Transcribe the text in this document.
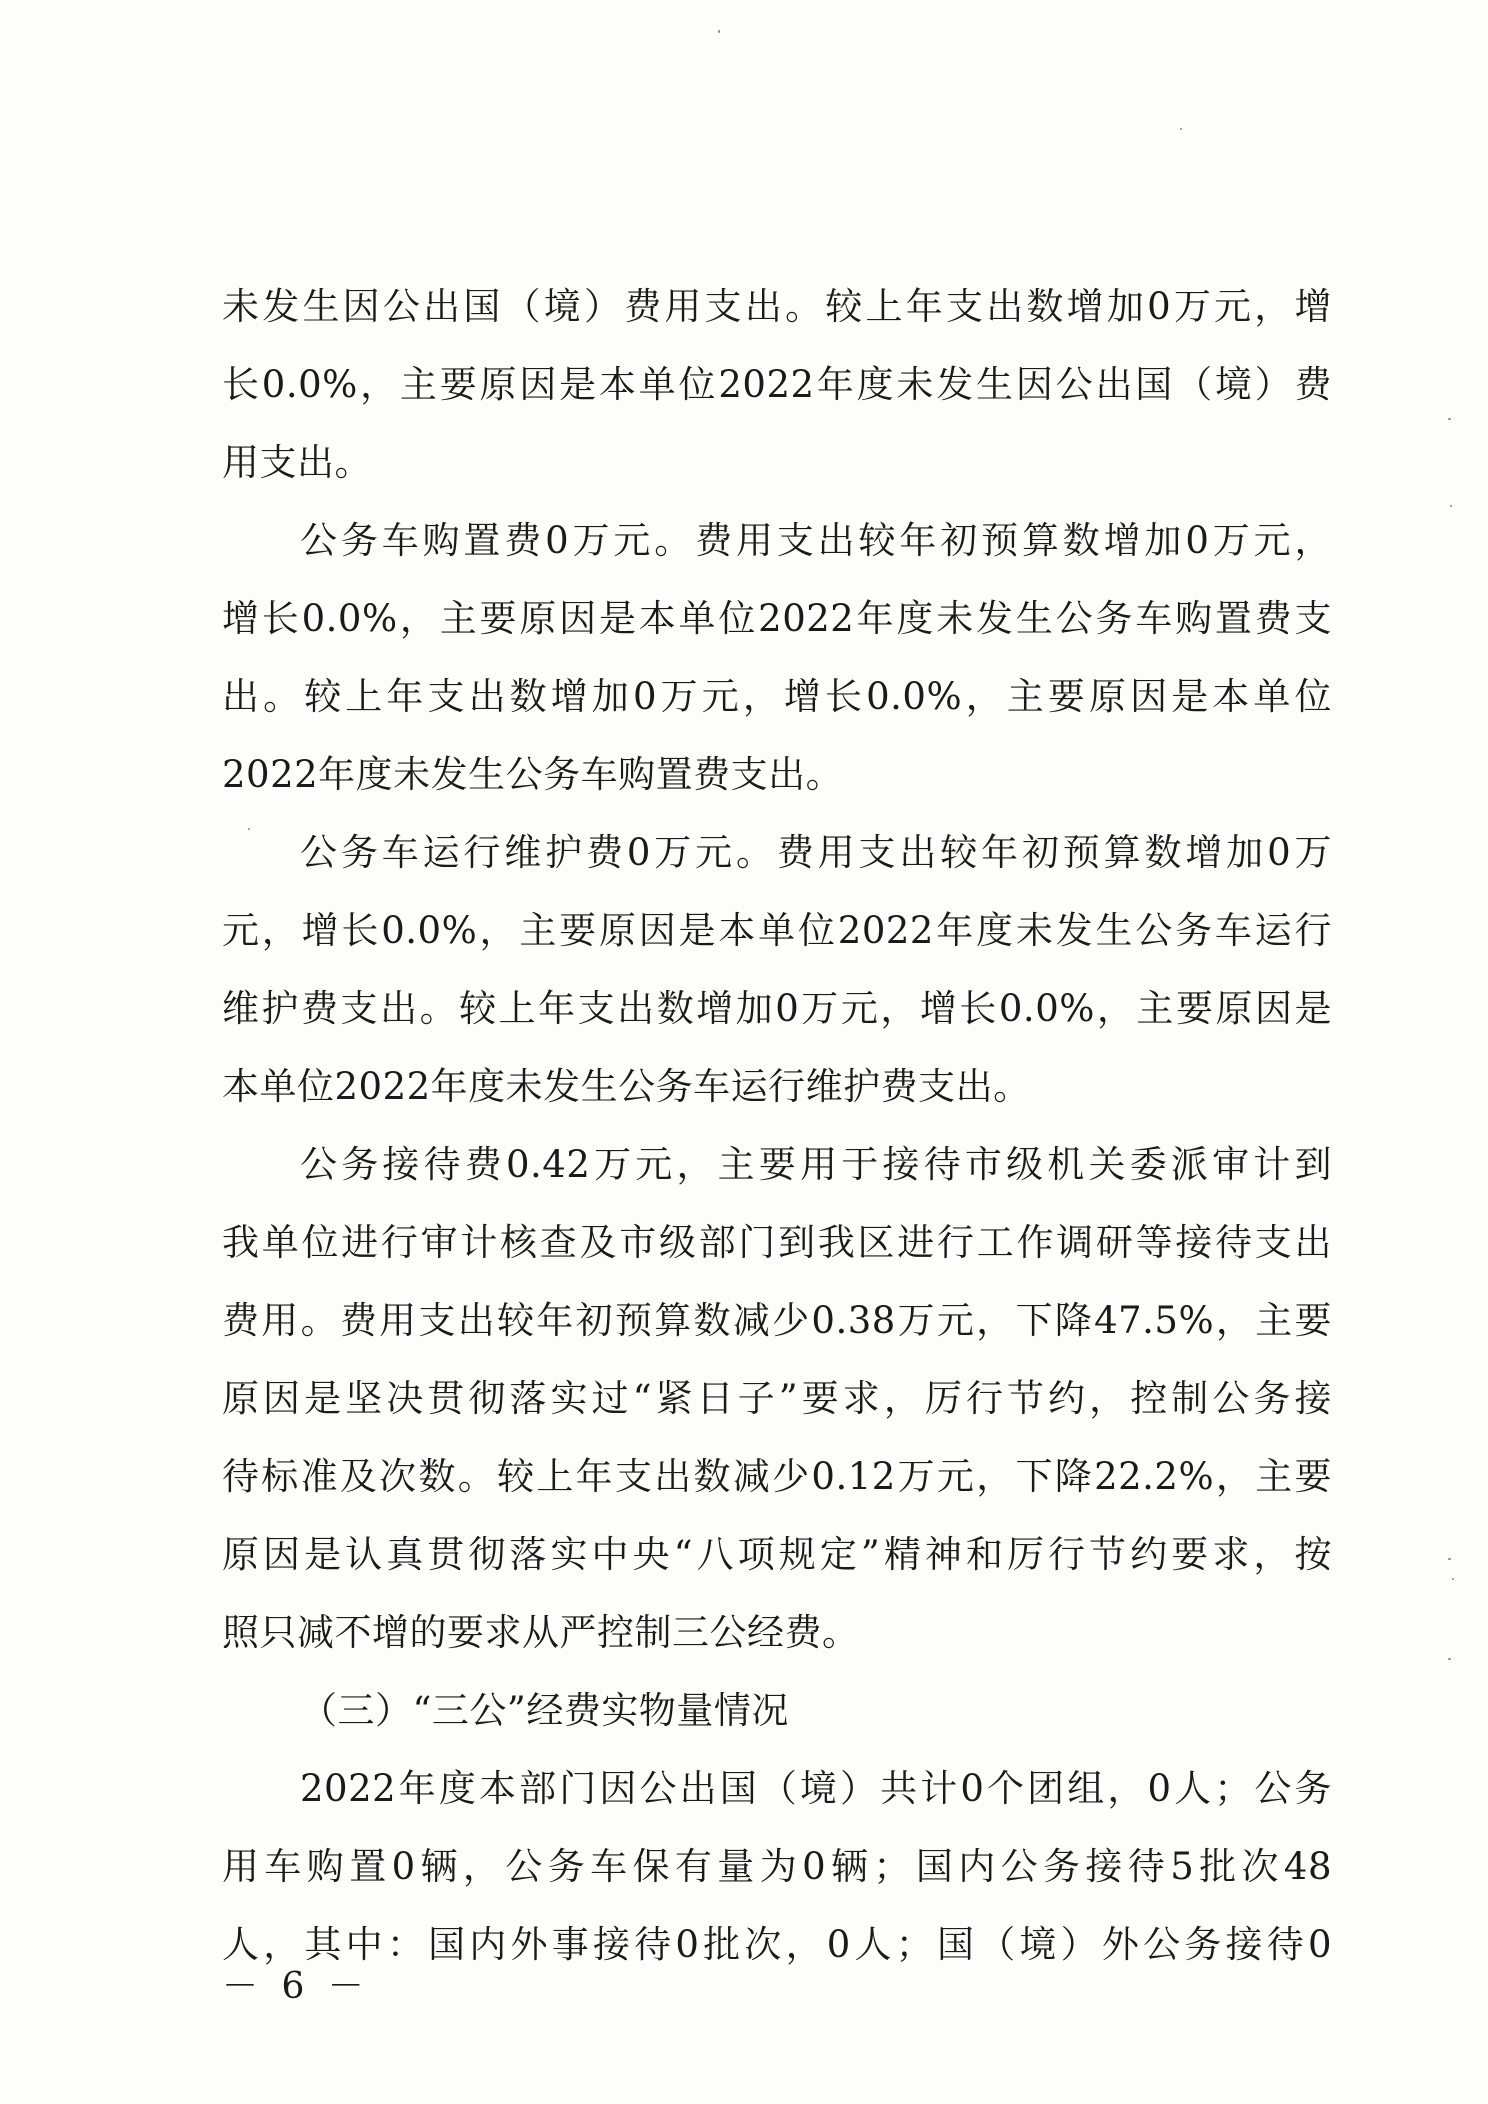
未发生因公出国（境）费用支出。较上年支出数增加0万元，增
长0.0%，主要原因是本单位2022年度未发生因公出国（境）费
用支出。
公务车购置费0万元。费用支出较年初预算数增加0万元，
增长0.0%，主要原因是本单位2022年度未发生公务车购置费支
出。较上年支出数增加0万元，增长0.0%，主要原因是本单位
2022年度未发生公务车购置费支出。
公务车运行维护费0万元。费用支出较年初预算数增加0万
元，增长0.0%，主要原因是本单位2022年度未发生公务车运行
维护费支出。较上年支出数增加0万元，增长0.0%，主要原因是
本单位2022年度未发生公务车运行维护费支出。
公务接待费0.42万元，主要用于接待市级机关委派审计到
我单位进行审计核查及市级部门到我区进行工作调研等接待支出
费用。费用支出较年初预算数减少0.38万元，下降47.5%，主要
原因是坚决贯彻落实过“紧日子”要求，厉行节约，控制公务接
待标准及次数。较上年支出数减少0.12万元，下降22.2%，主要
原因是认真贯彻落实中央“八项规定”精神和厉行节约要求，按
照只减不增的要求从严控制三公经费。
（三）“三公”经费实物量情况
2022年度本部门因公出国（境）共计0个团组，0人；公务
用车购置0辆，公务车保有量为0辆；国内公务接待5批次48
人，其中：国内外事接待0批次，0人；国（境）外公务接待0
－ 6 －
